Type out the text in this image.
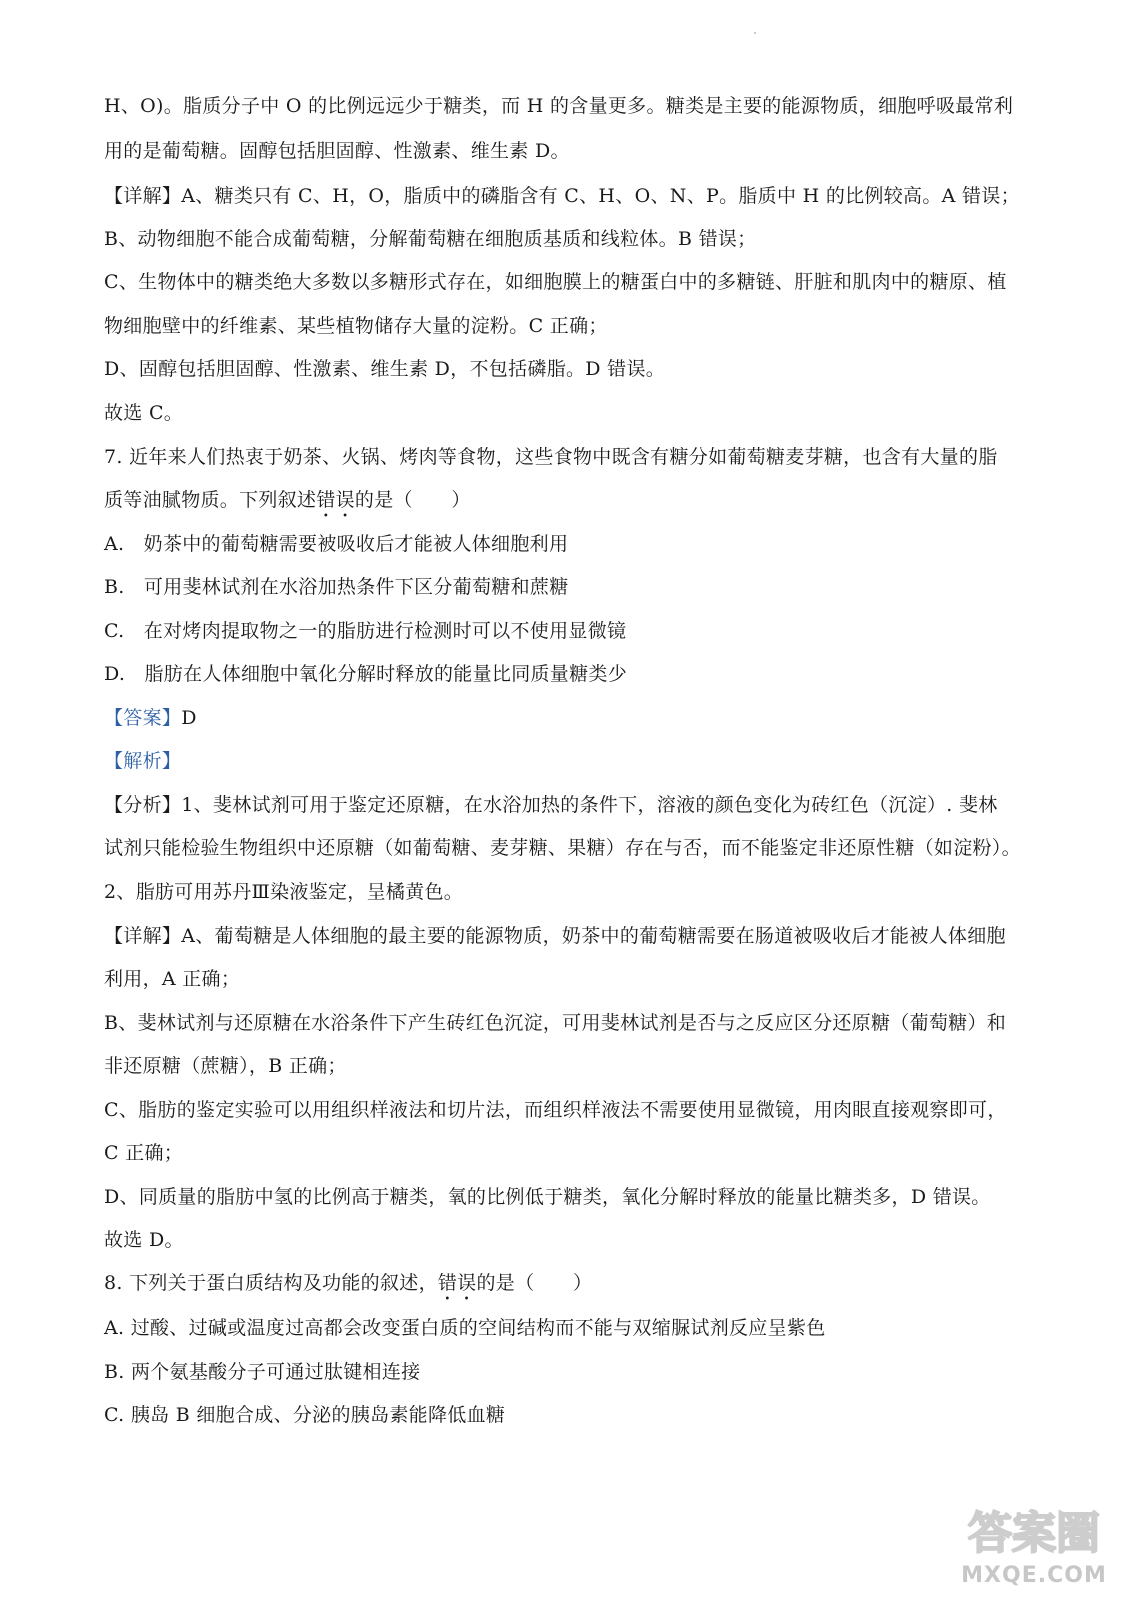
H、O)。脂质分子中 O 的比例远远少于糖类，而 H 的含量更多。糖类是主要的能源物质，细胞呼吸最常利
用的是葡萄糖。固醇包括胆固醇、性激素、维生素 D。
【详解】A、糖类只有 C、H，O，脂质中的磷脂含有 C、H、O、N、P。脂质中 H 的比例较高。A 错误；
B、动物细胞不能合成葡萄糖，分解葡萄糖在细胞质基质和线粒体。B 错误；
C、生物体中的糖类绝大多数以多糖形式存在，如细胞膜上的糖蛋白中的多糖链、肝脏和肌肉中的糖原、植
物细胞壁中的纤维素、某些植物储存大量的淀粉。C 正确；
D、固醇包括胆固醇、性激素、维生素 D，不包括磷脂。D 错误。
故选 C。
7. 近年来人们热衷于奶茶、火锅、烤肉等食物，这些食物中既含有糖分如葡萄糖麦芽糖，也含有大量的脂
质等油腻物质。下列叙述错误的是（　　）
A.　奶茶中的葡萄糖需要被吸收后才能被人体细胞利用
B.　可用斐林试剂在水浴加热条件下区分葡萄糖和蔗糖
C.　在对烤肉提取物之一的脂肪进行检测时可以不使用显微镜
D.　脂肪在人体细胞中氧化分解时释放的能量比同质量糖类少
【答案】D
【解析】
【分析】1、斐林试剂可用于鉴定还原糖，在水浴加热的条件下，溶液的颜色变化为砖红色（沉淀）. 斐林
试剂只能检验生物组织中还原糖（如葡萄糖、麦芽糖、果糖）存在与否，而不能鉴定非还原性糖（如淀粉）。
2、脂肪可用苏丹Ⅲ染液鉴定，呈橘黄色。
【详解】A、葡萄糖是人体细胞的最主要的能源物质，奶茶中的葡萄糖需要在肠道被吸收后才能被人体细胞
利用，A 正确；
B、斐林试剂与还原糖在水浴条件下产生砖红色沉淀，可用斐林试剂是否与之反应区分还原糖（葡萄糖）和
非还原糖（蔗糖），B 正确；
C、脂肪的鉴定实验可以用组织样液法和切片法，而组织样液法不需要使用显微镜，用肉眼直接观察即可，
C 正确；
D、同质量的脂肪中氢的比例高于糖类，氧的比例低于糖类，氧化分解时释放的能量比糖类多，D 错误。
故选 D。
8. 下列关于蛋白质结构及功能的叙述，错误的是（　　）
A. 过酸、过碱或温度过高都会改变蛋白质的空间结构而不能与双缩脲试剂反应呈紫色
B. 两个氨基酸分子可通过肽键相连接
C. 胰岛 B 细胞合成、分泌的胰岛素能降低血糖
答案圈
MXQE.COM
